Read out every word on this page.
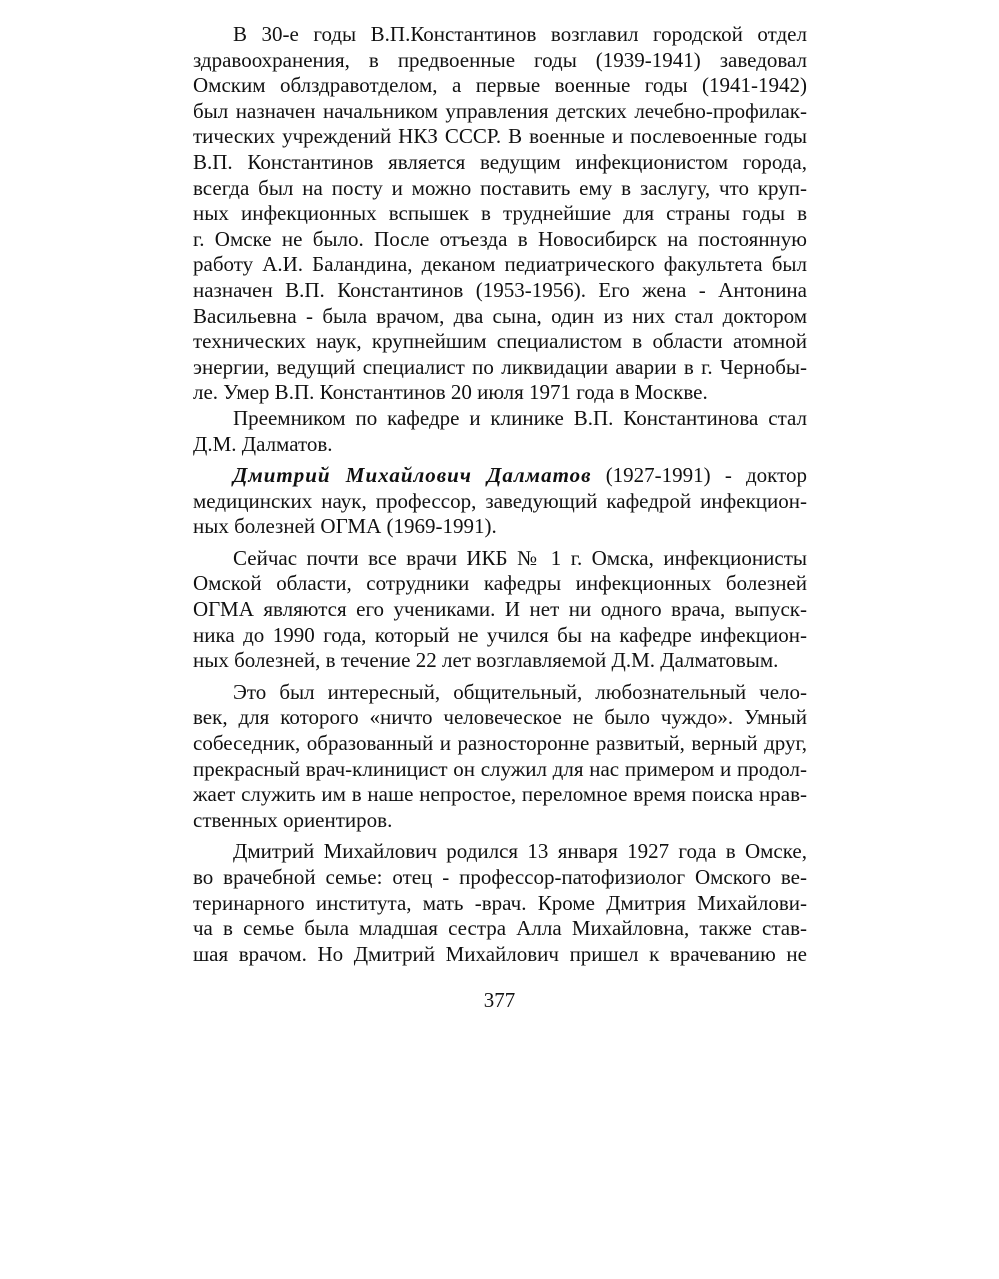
В 30-е годы В.П.Константинов возглавил городской отдел
здравоохранения, в предвоенные годы (1939-1941) заведовал
Омским облздравотделом, а первые военные годы (1941-1942)
был назначен начальником управления детских лечебно-профилак-
тических учреждений НКЗ СССР. В военные и послевоенные годы
В.П. Константинов является ведущим инфекционистом города,
всегда был на посту и можно поставить ему в заслугу, что круп-
ных инфекционных вспышек в труднейшие для страны годы в
г. Омске не было. После отъезда в Новосибирск на постоянную
работу А.И. Баландина, деканом педиатрического факультета был
назначен В.П. Константинов (1953-1956). Его жена - Антонина
Васильевна - была врачом, два сына, один из них стал доктором
технических наук, крупнейшим специалистом в области атомной
энергии, ведущий специалист по ликвидации аварии в г. Чернобы-
ле. Умер В.П. Константинов 20 июля 1971 года в Москве.
Преемником по кафедре и клинике В.П. Константинова стал
Д.М. Далматов.
Дмитрий Михайлович Далматов (1927-1991) - доктор
медицинских наук, профессор, заведующий кафедрой инфекцион-
ных болезней ОГМА (1969-1991).
Сейчас почти все врачи ИКБ № 1 г. Омска, инфекционисты
Омской области, сотрудники кафедры инфекционных болезней
ОГМА являются его учениками. И нет ни одного врача, выпуск-
ника до 1990 года, который не учился бы на кафедре инфекцион-
ных болезней, в течение 22 лет возглавляемой Д.М. Далматовым.
Это был интересный, общительный, любознательный чело-
век, для которого «ничто человеческое не было чуждо». Умный
собеседник, образованный и разносторонне развитый, верный друг,
прекрасный врач-клиницист он служил для нас примером и продол-
жает служить им в наше непростое, переломное время поиска нрав-
ственных ориентиров.
Дмитрий Михайлович родился 13 января 1927 года в Омске,
во врачебной семье: отец - профессор-патофизиолог Омского ве-
теринарного института, мать -врач. Кроме Дмитрия Михайлови-
ча в семье была младшая сестра Алла Михайловна, также став-
шая врачом. Но Дмитрий Михайлович пришел к врачеванию не
377
